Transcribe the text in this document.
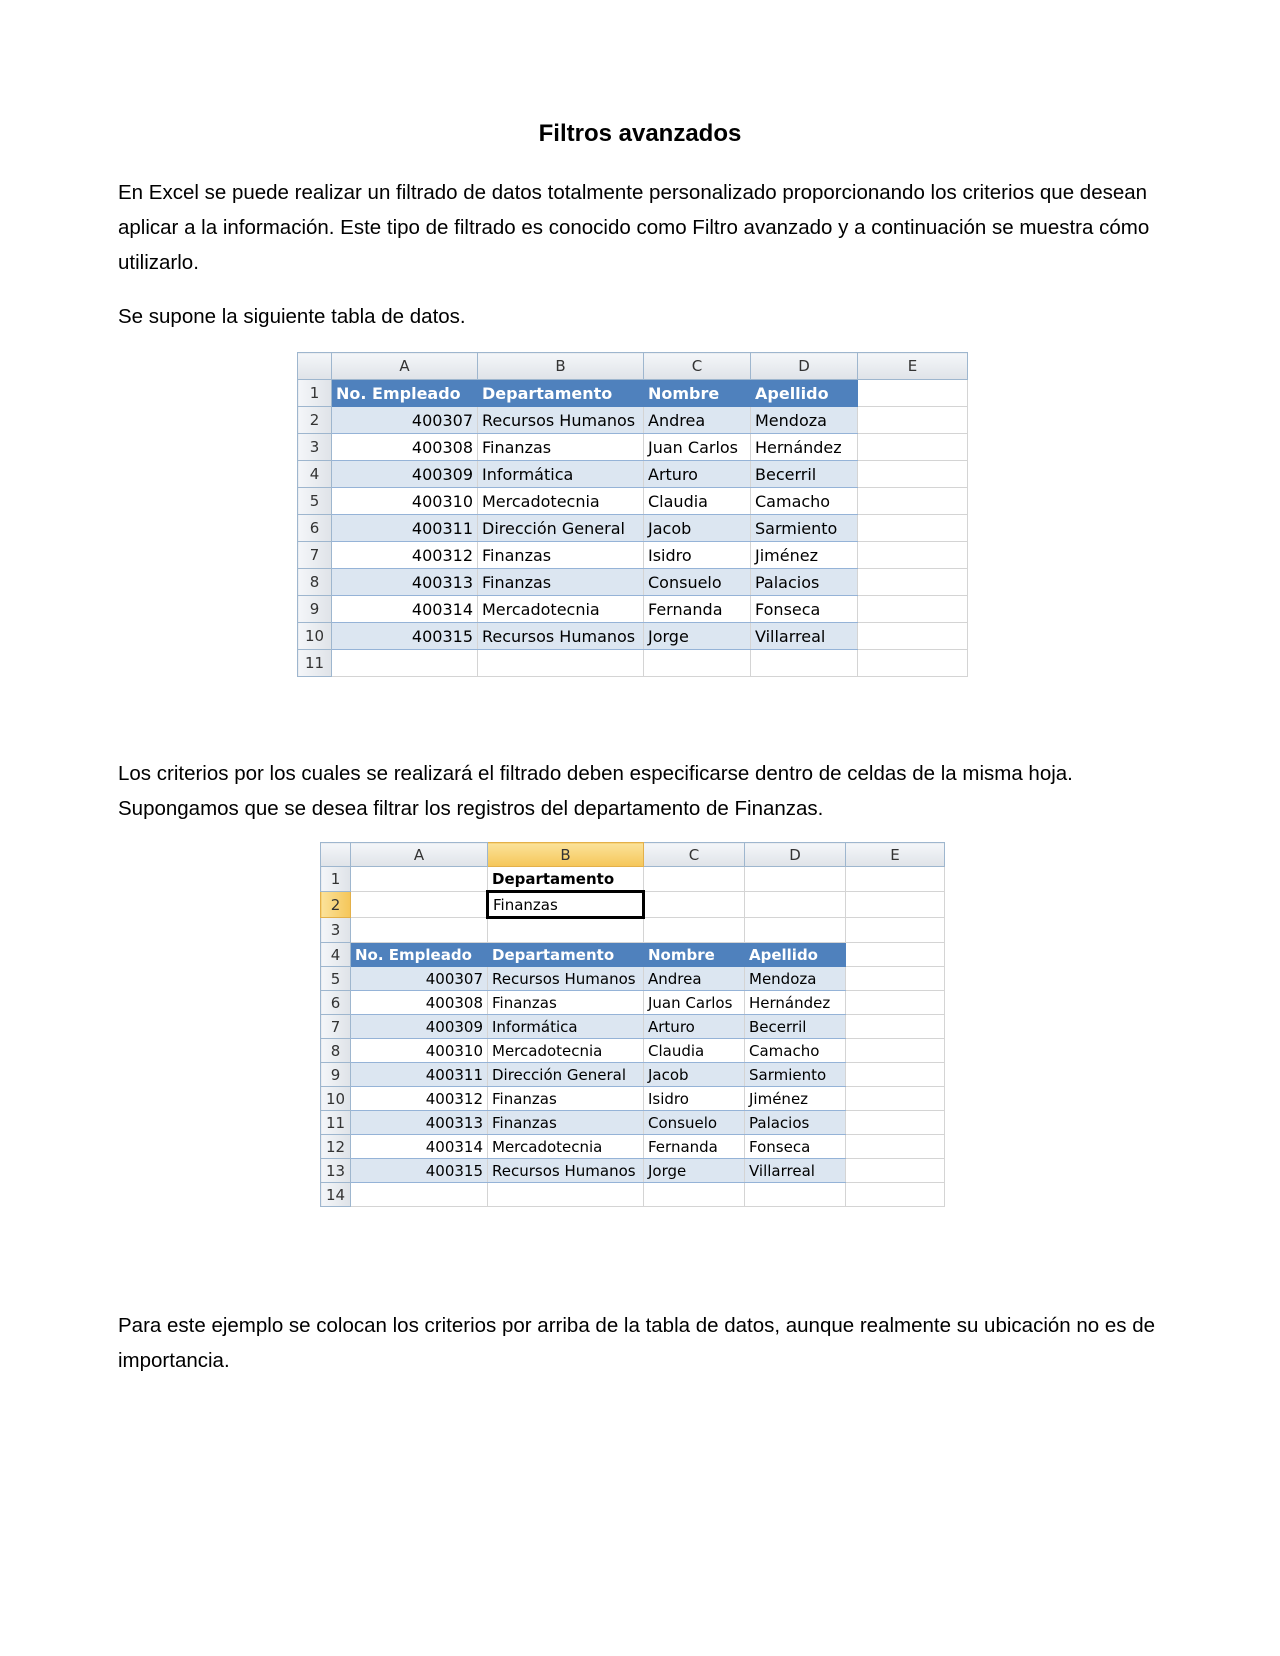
Filtros avanzados

En Excel se puede realizar un filtrado de datos totalmente personalizado proporcionando los criterios que desean aplicar a la información. Este tipo de filtrado es conocido como Filtro avanzado y a continuación se muestra cómo utilizarlo.

Se supone la siguiente tabla de datos.

	A	B	C	D	E
1	No. Empleado	Departamento	Nombre	Apellido	
2	400307	Recursos Humanos	Andrea	Mendoza	
3	400308	Finanzas	Juan Carlos	Hernández	
4	400309	Informática	Arturo	Becerril	
5	400310	Mercadotecnia	Claudia	Camacho	
6	400311	Dirección General	Jacob	Sarmiento	
7	400312	Finanzas	Isidro	Jiménez	
8	400313	Finanzas	Consuelo	Palacios	
9	400314	Mercadotecnia	Fernanda	Fonseca	
10	400315	Recursos Humanos	Jorge	Villarreal	
11					

Los criterios por los cuales se realizará el filtrado deben especificarse dentro de celdas de la misma hoja. Supongamos que se desea filtrar los registros del departamento de Finanzas.

	A	B	C	D	E
1		Departamento			
2		Finanzas			
3					
4	No. Empleado	Departamento	Nombre	Apellido	
5	400307	Recursos Humanos	Andrea	Mendoza	
6	400308	Finanzas	Juan Carlos	Hernández	
7	400309	Informática	Arturo	Becerril	
8	400310	Mercadotecnia	Claudia	Camacho	
9	400311	Dirección General	Jacob	Sarmiento	
10	400312	Finanzas	Isidro	Jiménez	
11	400313	Finanzas	Consuelo	Palacios	
12	400314	Mercadotecnia	Fernanda	Fonseca	
13	400315	Recursos Humanos	Jorge	Villarreal	
14					

Para este ejemplo se colocan los criterios por arriba de la tabla de datos, aunque realmente su ubicación no es de importancia.
